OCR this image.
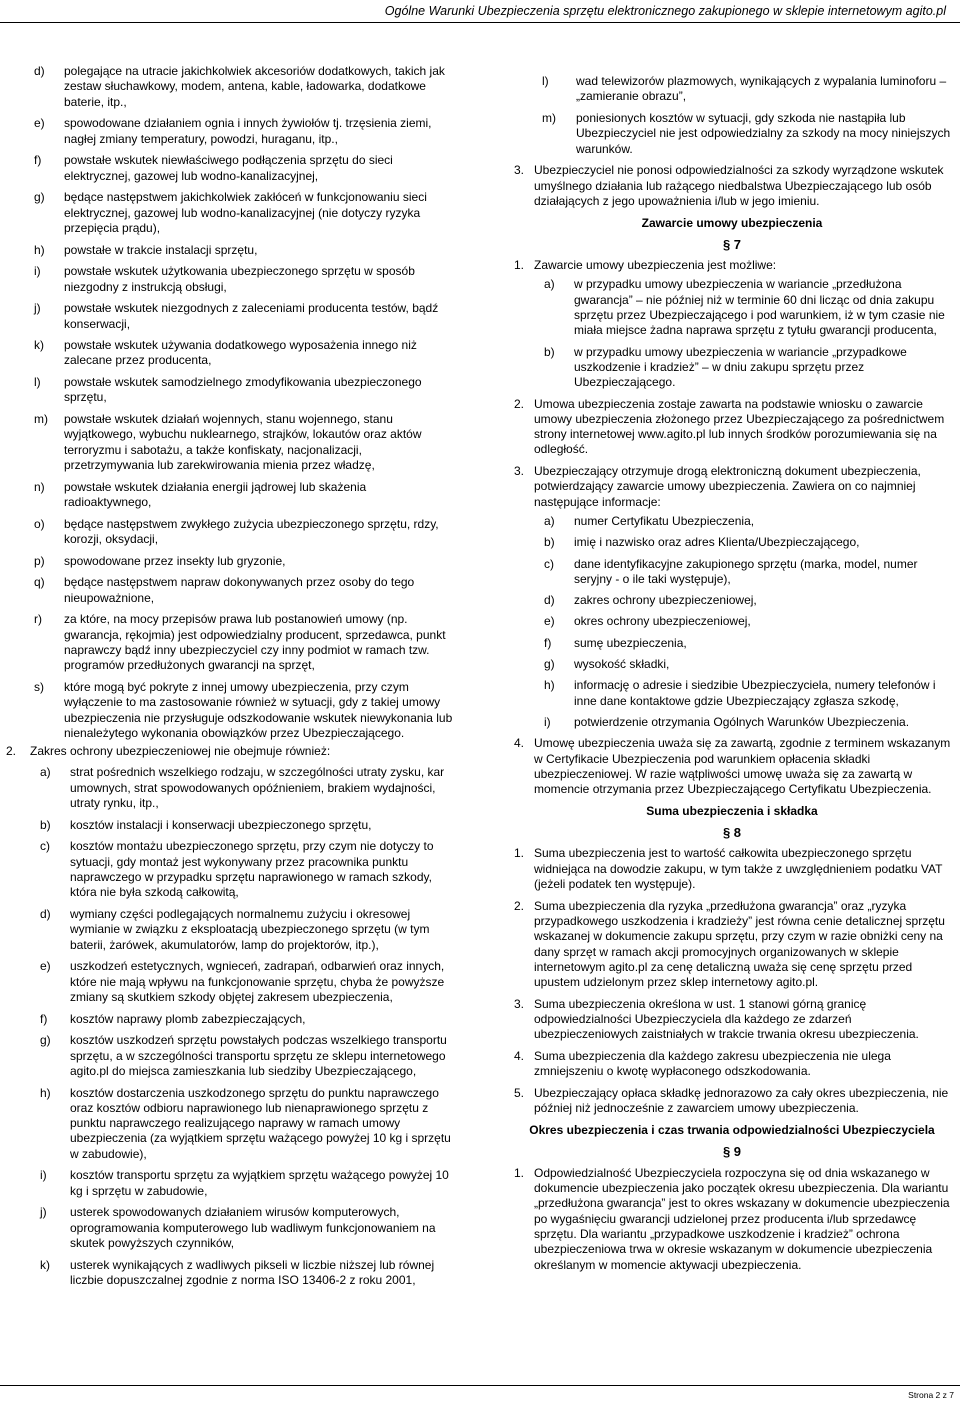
Ogólne Warunki Ubezpieczenia sprzętu elektronicznego zakupionego w sklepie internetowym agito.pl
d) polegające na utracie jakichkolwiek akcesoriów dodatkowych, takich jak zestaw słuchawkowy, modem, antena, kable, ładowarka, dodatkowe baterie, itp.,
e) spowodowane działaniem ognia i innych żywiołów tj. trzęsienia ziemi, nagłej zmiany temperatury, powodzi, huraganu, itp.,
f) powstałe wskutek niewłaściwego podłączenia sprzętu do sieci elektrycznej, gazowej lub wodno-kanalizacyjnej,
g) będące następstwem jakichkolwiek zakłóceń w funkcjonowaniu sieci elektrycznej, gazowej lub wodno-kanalizacyjnej (nie dotyczy ryzyka przepięcia prądu),
h) powstałe w trakcie instalacji sprzętu,
i) powstałe wskutek użytkowania ubezpieczonego sprzętu w sposób niezgodny z instrukcją obsługi,
j) powstałe wskutek niezgodnych z zaleceniami producenta testów, bądź konserwacji,
k) powstałe wskutek używania dodatkowego wyposażenia innego niż zalecane przez producenta,
l) powstałe wskutek samodzielnego zmodyfikowania ubezpieczonego sprzętu,
m) powstałe wskutek działań wojennych, stanu wojennego, stanu wyjątkowego, wybuchu nuklearnego, strajków, lokautów oraz aktów terroryzmu i sabotażu, a także konfiskaty, nacjonalizacji, przetrzymywania lub zarekwirowania mienia przez władzę,
n) powstałe wskutek działania energii jądrowej lub skażenia radioaktywnego,
o) będące następstwem zwykłego zużycia ubezpieczonego sprzętu, rdzy, korozji, oksydacji,
p) spowodowane przez insekty lub gryzonie,
q) będące następstwem napraw dokonywanych przez osoby do tego nieupoważnione,
r) za które, na mocy przepisów prawa lub postanowień umowy (np. gwarancja, rękojmia) jest odpowiedzialny producent, sprzedawca, punkt naprawczy bądź inny ubezpieczyciel czy inny podmiot w ramach tzw. programów przedłużonych gwarancji na sprzęt,
s) które mogą być pokryte z innej umowy ubezpieczenia, przy czym wyłączenie to ma zastosowanie również w sytuacji, gdy z takiej umowy ubezpieczenia nie przysługuje odszkodowanie wskutek niewykonania lub nienależytego wykonania obowiązków przez Ubezpieczającego.
2. Zakres ochrony ubezpieczeniowej nie obejmuje również:
a) strat pośrednich wszelkiego rodzaju, w szczególności utraty zysku, kar umownych, strat spowodowanych opóźnieniem, brakiem wydajności, utraty rynku, itp.,
b) kosztów instalacji i konserwacji ubezpieczonego sprzętu,
c) kosztów montażu ubezpieczonego sprzętu, przy czym nie dotyczy to sytuacji, gdy montaż jest wykonywany przez pracownika punktu naprawczego w przypadku sprzętu naprawionego w ramach szkody, która nie była szkodą całkowitą,
d) wymiany części podlegających normalnemu zużyciu i okresowej wymianie w związku z eksploatacją ubezpieczonego sprzętu (w tym baterii, żarówek, akumulatorów, lamp do projektorów, itp.),
e) uszkodzeń estetycznych, wgnieceń, zadrapań, odbarwień oraz innych, które nie mają wpływu na funkcjonowanie sprzętu, chyba że powyższe zmiany są skutkiem szkody objętej zakresem ubezpieczenia,
f) kosztów naprawy plomb zabezpieczających,
g) kosztów uszkodzeń sprzętu powstałych podczas wszelkiego transportu sprzętu, a w szczególności transportu sprzętu ze sklepu internetowego agito.pl do miejsca zamieszkania lub siedziby Ubezpieczającego,
h) kosztów dostarczenia uszkodzonego sprzętu do punktu naprawczego oraz kosztów odbioru naprawionego lub nienaprawionego sprzętu z punktu naprawczego realizującego naprawy w ramach umowy ubezpieczenia (za wyjątkiem sprzętu ważącego powyżej 10 kg i sprzętu w zabudowie),
i) kosztów transportu sprzętu za wyjątkiem sprzętu ważącego powyżej 10 kg i sprzętu w zabudowie,
j) usterek spowodowanych działaniem wirusów komputerowych, oprogramowania komputerowego lub wadliwym funkcjonowaniem na skutek powyższych czynników,
k) usterek wynikających z wadliwych pikseli w liczbie niższej lub równej liczbie dopuszczalnej zgodnie z norma ISO 13406-2 z roku 2001,
l) wad telewizorów plazmowych, wynikających z wypalania luminoforu – „zamieranie obrazu”,
m) poniesionych kosztów w sytuacji, gdy szkoda nie nastąpiła lub Ubezpieczyciel nie jest odpowiedzialny za szkody na mocy niniejszych warunków.
3. Ubezpieczyciel nie ponosi odpowiedzialności za szkody wyrządzone wskutek umyślnego działania lub rażącego niedbalstwa Ubezpieczającego lub osób działających z jego upoważnienia i/lub w jego imieniu.
Zawarcie umowy ubezpieczenia
§ 7
1. Zawarcie umowy ubezpieczenia jest możliwe:
a) w przypadku umowy ubezpieczenia w wariancie „przedłużona gwarancja” – nie później niż w terminie 60 dni licząc od dnia zakupu sprzętu przez Ubezpieczającego i pod warunkiem, iż w tym czasie nie miała miejsce żadna naprawa sprzętu z tytułu gwarancji producenta,
b) w przypadku umowy ubezpieczenia w wariancie „przypadkowe uszkodzenie i kradzież” – w dniu zakupu sprzętu przez Ubezpieczającego.
2. Umowa ubezpieczenia zostaje zawarta na podstawie wniosku o zawarcie umowy ubezpieczenia złożonego przez Ubezpieczającego za pośrednictwem strony internetowej www.agito.pl lub innych środków porozumiewania się na odległość.
3. Ubezpieczający otrzymuje drogą elektroniczną dokument ubezpieczenia, potwierdzający zawarcie umowy ubezpieczenia. Zawiera on co najmniej następujące informacje:
a) numer Certyfikatu Ubezpieczenia,
b) imię i nazwisko oraz adres Klienta/Ubezpieczającego,
c) dane identyfikacyjne zakupionego sprzętu (marka, model, numer seryjny - o ile taki występuje),
d) zakres ochrony ubezpieczeniowej,
e) okres ochrony ubezpieczeniowej,
f) sumę ubezpieczenia,
g) wysokość składki,
h) informację o adresie i siedzibie Ubezpieczyciela, numery telefonów i inne dane kontaktowe gdzie Ubezpieczający zgłasza szkodę,
i) potwierdzenie otrzymania Ogólnych Warunków Ubezpieczenia.
4. Umowę ubezpieczenia uważa się za zawartą, zgodnie z terminem wskazanym w Certyfikacie Ubezpieczenia pod warunkiem opłacenia składki ubezpieczeniowej. W razie wątpliwości umowę uważa się za zawartą w momencie otrzymania przez Ubezpieczającego Certyfikatu Ubezpieczenia.
Suma ubezpieczenia i składka
§ 8
1. Suma ubezpieczenia jest to wartość całkowita ubezpieczonego sprzętu widniejąca na dowodzie zakupu, w tym także z uwzględnieniem podatku VAT (jeżeli podatek ten występuje).
2. Suma ubezpieczenia dla ryzyka „przedłużona gwarancja” oraz „ryzyka przypadkowego uszkodzenia i kradzieży” jest równa cenie detalicznej sprzętu wskazanej w dokumencie zakupu sprzętu, przy czym w razie obniżki ceny na dany sprzęt w ramach akcji promocyjnych organizowanych w sklepie internetowym agito.pl za cenę detaliczną uważa się cenę sprzętu przed upustem udzielonym przez sklep internetowy agito.pl.
3. Suma ubezpieczenia określona w ust. 1 stanowi górną granicę odpowiedzialności Ubezpieczyciela dla każdego ze zdarzeń ubezpieczeniowych zaistniałych w trakcie trwania okresu ubezpieczenia.
4. Suma ubezpieczenia dla każdego zakresu ubezpieczenia nie ulega zmniejszeniu o kwotę wypłaconego odszkodowania.
5. Ubezpieczający opłaca składkę jednorazowo za cały okres ubezpieczenia, nie później niż jednocześnie z zawarciem umowy ubezpieczenia.
Okres ubezpieczenia i czas trwania odpowiedzialności Ubezpieczyciela
§ 9
1. Odpowiedzialność Ubezpieczyciela rozpoczyna się od dnia wskazanego w dokumencie ubezpieczenia jako początek okresu ubezpieczenia. Dla wariantu „przedłużona gwarancja” jest to okres wskazany w dokumencie ubezpieczenia po wygaśnięciu gwarancji udzielonej przez producenta i/lub sprzedawcę sprzętu. Dla wariantu „przypadkowe uszkodzenie i kradzież” ochrona ubezpieczeniowa trwa w okresie wskazanym w dokumencie ubezpieczenia określanym w momencie aktywacji ubezpieczenia.
Strona 2 z 7
